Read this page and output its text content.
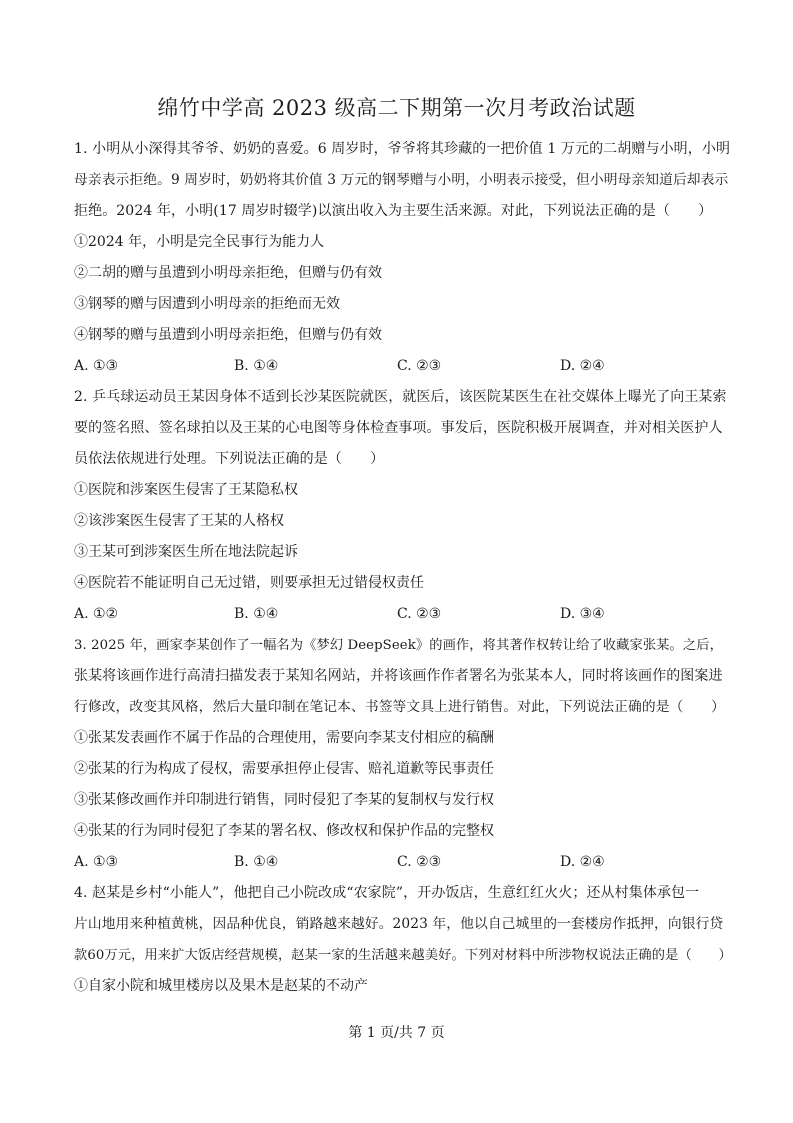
绵竹中学高 2023 级高二下期第一次月考政治试题
1. 小明从小深得其爷爷、奶奶的喜爱。6 周岁时，爷爷将其珍藏的一把价值 1 万元的二胡赠与小明，小明
母亲表示拒绝。9 周岁时，奶奶将其价值 3 万元的钢琴赠与小明，小明表示接受，但小明母亲知道后却表示
拒绝。2024 年，小明(17 周岁时辍学)以演出收入为主要生活来源。对此，下列说法正确的是（　　）
①2024 年，小明是完全民事行为能力人
②二胡的赠与虽遭到小明母亲拒绝，但赠与仍有效
③钢琴的赠与因遭到小明母亲的拒绝而无效
④钢琴的赠与虽遭到小明母亲拒绝，但赠与仍有效
A. ①③	B. ①④	C. ②③	D. ②④
2. 乒乓球运动员王某因身体不适到长沙某医院就医，就医后，该医院某医生在社交媒体上曝光了向王某索
要的签名照、签名球拍以及王某的心电图等身体检查事项。事发后，医院积极开展调查，并对相关医护人
员依法依规进行处理。下列说法正确的是（　　）
①医院和涉案医生侵害了王某隐私权
②该涉案医生侵害了王某的人格权
③王某可到涉案医生所在地法院起诉
④医院若不能证明自己无过错，则要承担无过错侵权责任
A. ①②	B. ①④	C. ②③	D. ③④
3. 2025 年，画家李某创作了一幅名为《梦幻 DeepSeek》的画作，将其著作权转让给了收藏家张某。之后，
张某将该画作进行高清扫描发表于某知名网站，并将该画作作者署名为张某本人，同时将该画作的图案进
行修改，改变其风格，然后大量印制在笔记本、书签等文具上进行销售。对此，下列说法正确的是（　　）
①张某发表画作不属于作品的合理使用，需要向李某支付相应的稿酬
②张某的行为构成了侵权，需要承担停止侵害、赔礼道歉等民事责任
③张某修改画作并印制进行销售，同时侵犯了李某的复制权与发行权
④张某的行为同时侵犯了李某的署名权、修改权和保护作品的完整权
A. ①③	B. ①④	C. ②③	D. ②④
4. 赵某是乡村“小能人”，他把自己小院改成“农家院”，开办饭店，生意红红火火；还从村集体承包一
片山地用来种植黄桃，因品种优良，销路越来越好。2023 年，他以自己城里的一套楼房作抵押，向银行贷
款60万元，用来扩大饭店经营规模，赵某一家的生活越来越美好。下列对材料中所涉物权说法正确的是（　　）
①自家小院和城里楼房以及果木是赵某的不动产
第 1 页/共 7 页
